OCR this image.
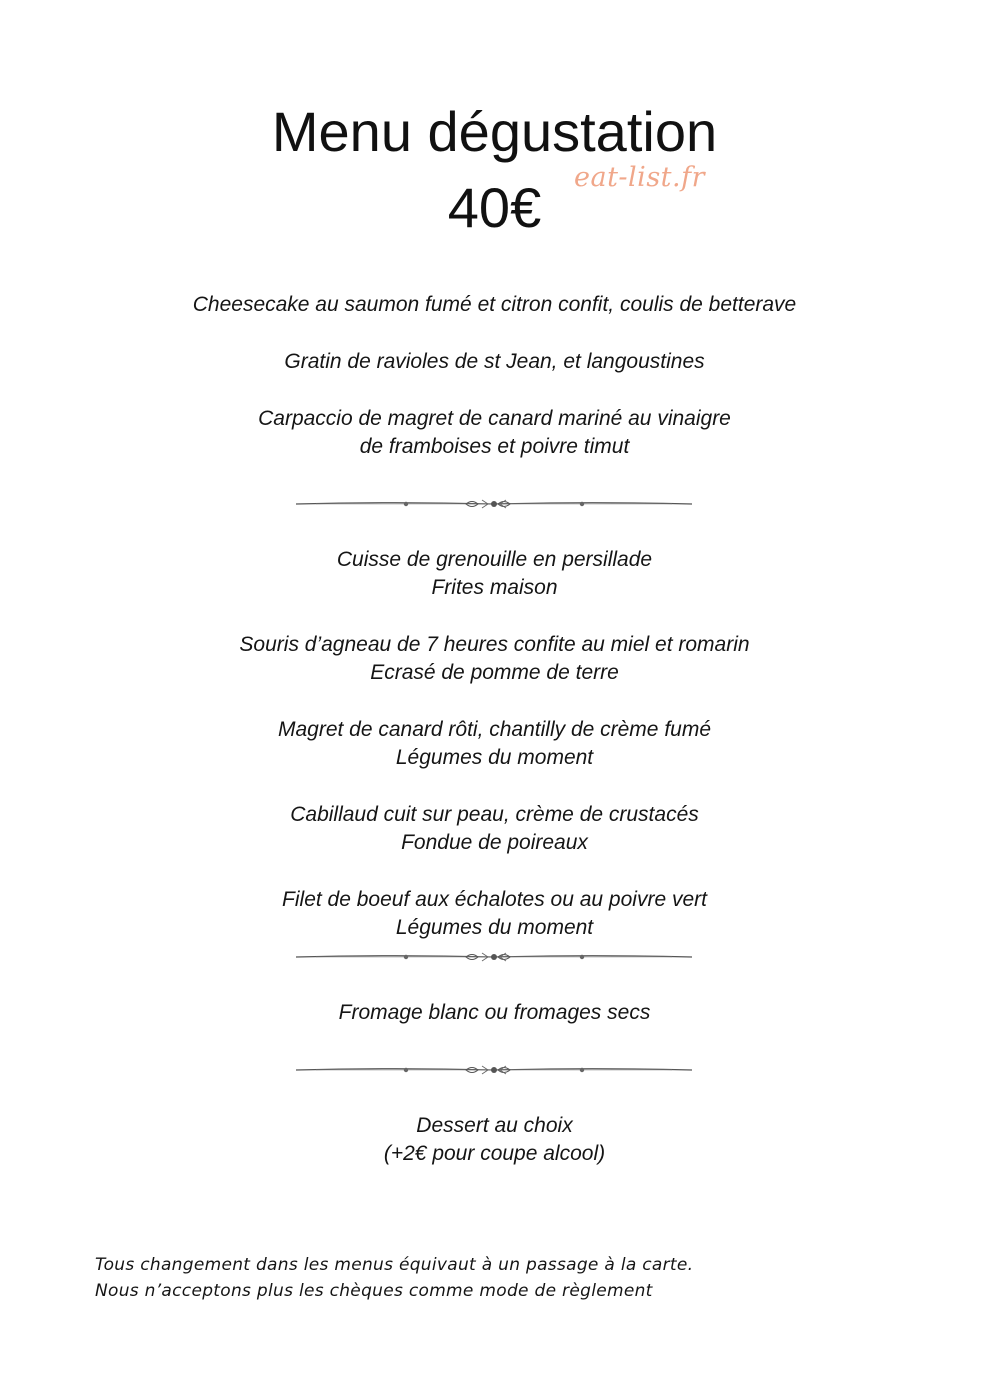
Menu dégustation
40€	eat-list.fr
Cheesecake au saumon fumé et citron confit, coulis de betterave
Gratin de ravioles de st Jean, et langoustines
Carpaccio de magret de canard mariné au vinaigre
de framboises et poivre timut
Cuisse de grenouille en persillade
Frites maison
Souris d’agneau de 7 heures confite au miel et romarin
Ecrasé de pomme de terre
Magret de canard rôti, chantilly de crème fumé
Légumes du moment
Cabillaud cuit sur peau, crème de crustacés
Fondue de poireaux
Filet de boeuf aux échalotes ou au poivre vert
Légumes du moment
Fromage blanc ou fromages secs
Dessert au choix
(+2€ pour coupe alcool)
Tous changement dans les menus équivaut à un passage à la carte.
Nous n’acceptons plus les chèques comme mode de règlement
